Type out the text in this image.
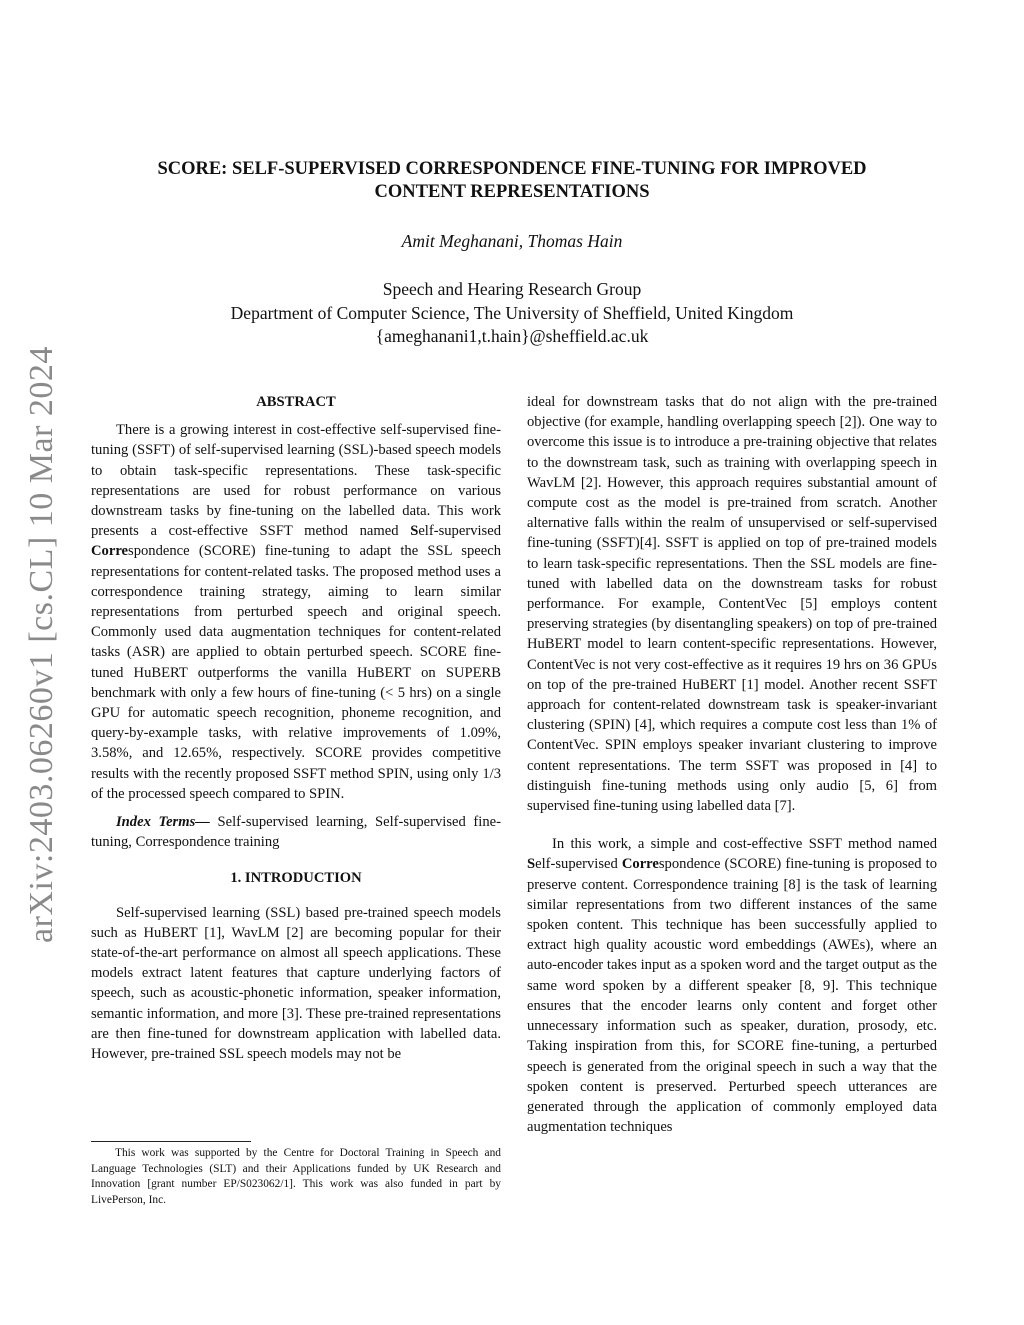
arXiv:2403.06260v1 [cs.CL] 10 Mar 2024
SCORE: SELF-SUPERVISED CORRESPONDENCE FINE-TUNING FOR IMPROVED
CONTENT REPRESENTATIONS
Amit Meghanani, Thomas Hain
Speech and Hearing Research Group
Department of Computer Science, The University of Sheffield, United Kingdom
{ameghanani1,t.hain}@sheffield.ac.uk

ABSTRACT

There is a growing interest in cost-effective self-supervised fine-tuning (SSFT) of self-supervised learning (SSL)-based speech models to obtain task-specific representations. These task-specific representations are used for robust performance on various downstream tasks by fine-tuning on the labelled data. This work presents a cost-effective SSFT method named Self-supervised Correspondence (SCORE) fine-tuning to adapt the SSL speech representations for content-related tasks. The proposed method uses a correspondence training strategy, aiming to learn similar representations from perturbed speech and original speech. Commonly used data augmentation techniques for content-related tasks (ASR) are applied to obtain perturbed speech. SCORE fine-tuned HuBERT outperforms the vanilla HuBERT on SUPERB benchmark with only a few hours of fine-tuning (< 5 hrs) on a single GPU for automatic speech recognition, phoneme recognition, and query-by-example tasks, with relative improvements of 1.09%, 3.58%, and 12.65%, respectively. SCORE provides competitive results with the recently proposed SSFT method SPIN, using only 1/3 of the processed speech compared to SPIN.

Index Terms— Self-supervised learning, Self-supervised fine-tuning, Correspondence training

1. INTRODUCTION

Self-supervised learning (SSL) based pre-trained speech models such as HuBERT [1], WavLM [2] are becoming popular for their state-of-the-art performance on almost all speech applications. These models extract latent features that capture underlying factors of speech, such as acoustic-phonetic information, speaker information, semantic information, and more [3]. These pre-trained representations are then fine-tuned for downstream application with labelled data. However, pre-trained SSL speech models may not be

This work was supported by the Centre for Doctoral Training in Speech and Language Technologies (SLT) and their Applications funded by UK Research and Innovation [grant number EP/S023062/1]. This work was also funded in part by LivePerson, Inc.

ideal for downstream tasks that do not align with the pre-trained objective (for example, handling overlapping speech [2]). One way to overcome this issue is to introduce a pre-training objective that relates to the downstream task, such as training with overlapping speech in WavLM [2]. However, this approach requires substantial amount of compute cost as the model is pre-trained from scratch. Another alternative falls within the realm of unsupervised or self-supervised fine-tuning (SSFT)[4]. SSFT is applied on top of pre-trained models to learn task-specific representations. Then the SSL models are fine-tuned with labelled data on the downstream tasks for robust performance. For example, ContentVec [5] employs content preserving strategies (by disentangling speakers) on top of pre-trained HuBERT model to learn content-specific representations. However, ContentVec is not very cost-effective as it requires 19 hrs on 36 GPUs on top of the pre-trained HuBERT [1] model. Another recent SSFT approach for content-related downstream task is speaker-invariant clustering (SPIN) [4], which requires a compute cost less than 1% of ContentVec. SPIN employs speaker invariant clustering to improve content representations. The term SSFT was proposed in [4] to distinguish fine-tuning methods using only audio [5, 6] from supervised fine-tuning using labelled data [7].

In this work, a simple and cost-effective SSFT method named Self-supervised Correspondence (SCORE) fine-tuning is proposed to preserve content. Correspondence training [8] is the task of learning similar representations from two different instances of the same spoken content. This technique has been successfully applied to extract high quality acoustic word embeddings (AWEs), where an auto-encoder takes input as a spoken word and the target output as the same word spoken by a different speaker [8, 9]. This technique ensures that the encoder learns only content and forget other unnecessary information such as speaker, duration, prosody, etc. Taking inspiration from this, for SCORE fine-tuning, a perturbed speech is generated from the original speech in such a way that the spoken content is preserved. Perturbed speech utterances are generated through the application of commonly employed data augmentation techniques
